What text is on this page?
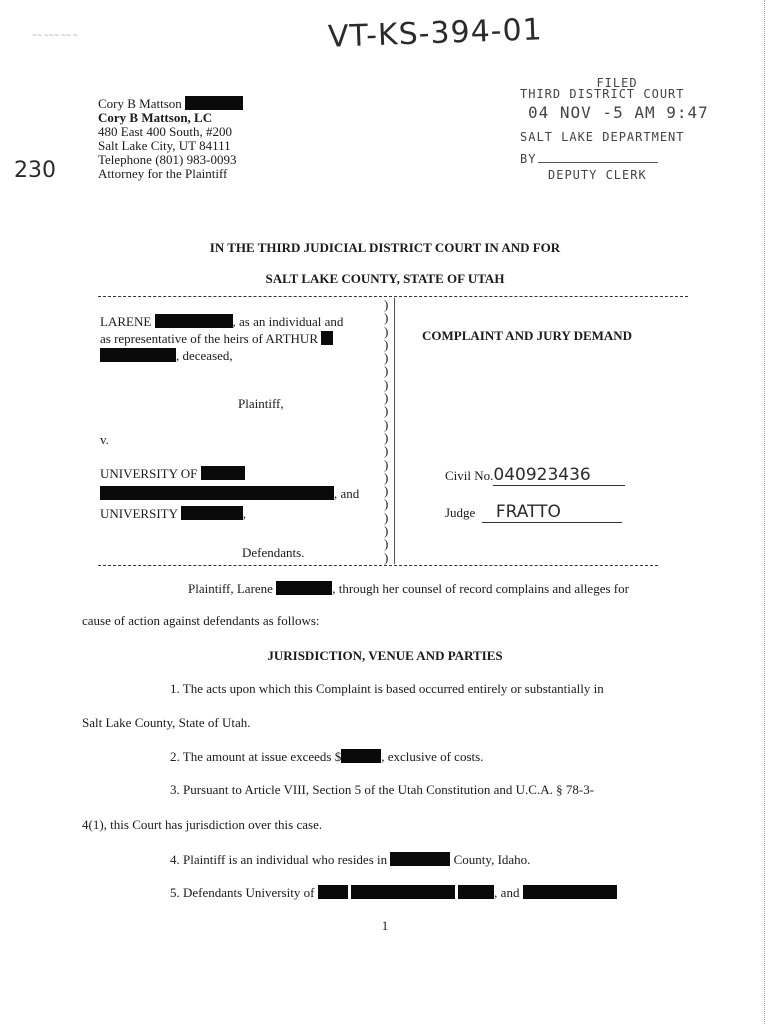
~~ ~~~ ~~ ~	VT-KS-394-01
230
Cory B Mattson
Cory B Mattson, LC
480 East 400 South, #200
Salt Lake City, UT 84111
Telephone (801) 983-0093
Attorney for the Plaintiff
FILED
THIRD DISTRICT COURT
04 NOV -5 AM 9:47
SALT LAKE DEPARTMENT
BY
DEPUTY CLERK
IN THE THIRD JUDICIAL DISTRICT COURT IN AND FOR
SALT LAKE COUNTY, STATE OF UTAH

LARENE	, as an individual and

as representative of the heirs of ARTHUR

, deceased,

Plaintiff,
v.
UNIVERSITY OF
, and
UNIVERSITY	,
Defendants.
COMPLAINT AND JURY DEMAND
Civil No.040923436
Judge FRATTO
Plaintiff, Larene	, through her counsel of record complains and alleges for
cause of action against defendants as follows:
JURISDICTION, VENUE AND PARTIES
1. The acts upon which this Complaint is based occurred entirely or substantially in
Salt Lake County, State of Utah.
2. The amount at issue exceeds $	, exclusive of costs.
3. Pursuant to Article VIII, Section 5 of the Utah Constitution and U.C.A. § 78-3-
4(1), this Court has jurisdiction over this case.
4. Plaintiff is an individual who resides in	County, Idaho.
5. Defendants University of	, and
1
)
)
)
)
)
)
)
)
)
)
)
)
)
)
)
)
)
)
)
)
